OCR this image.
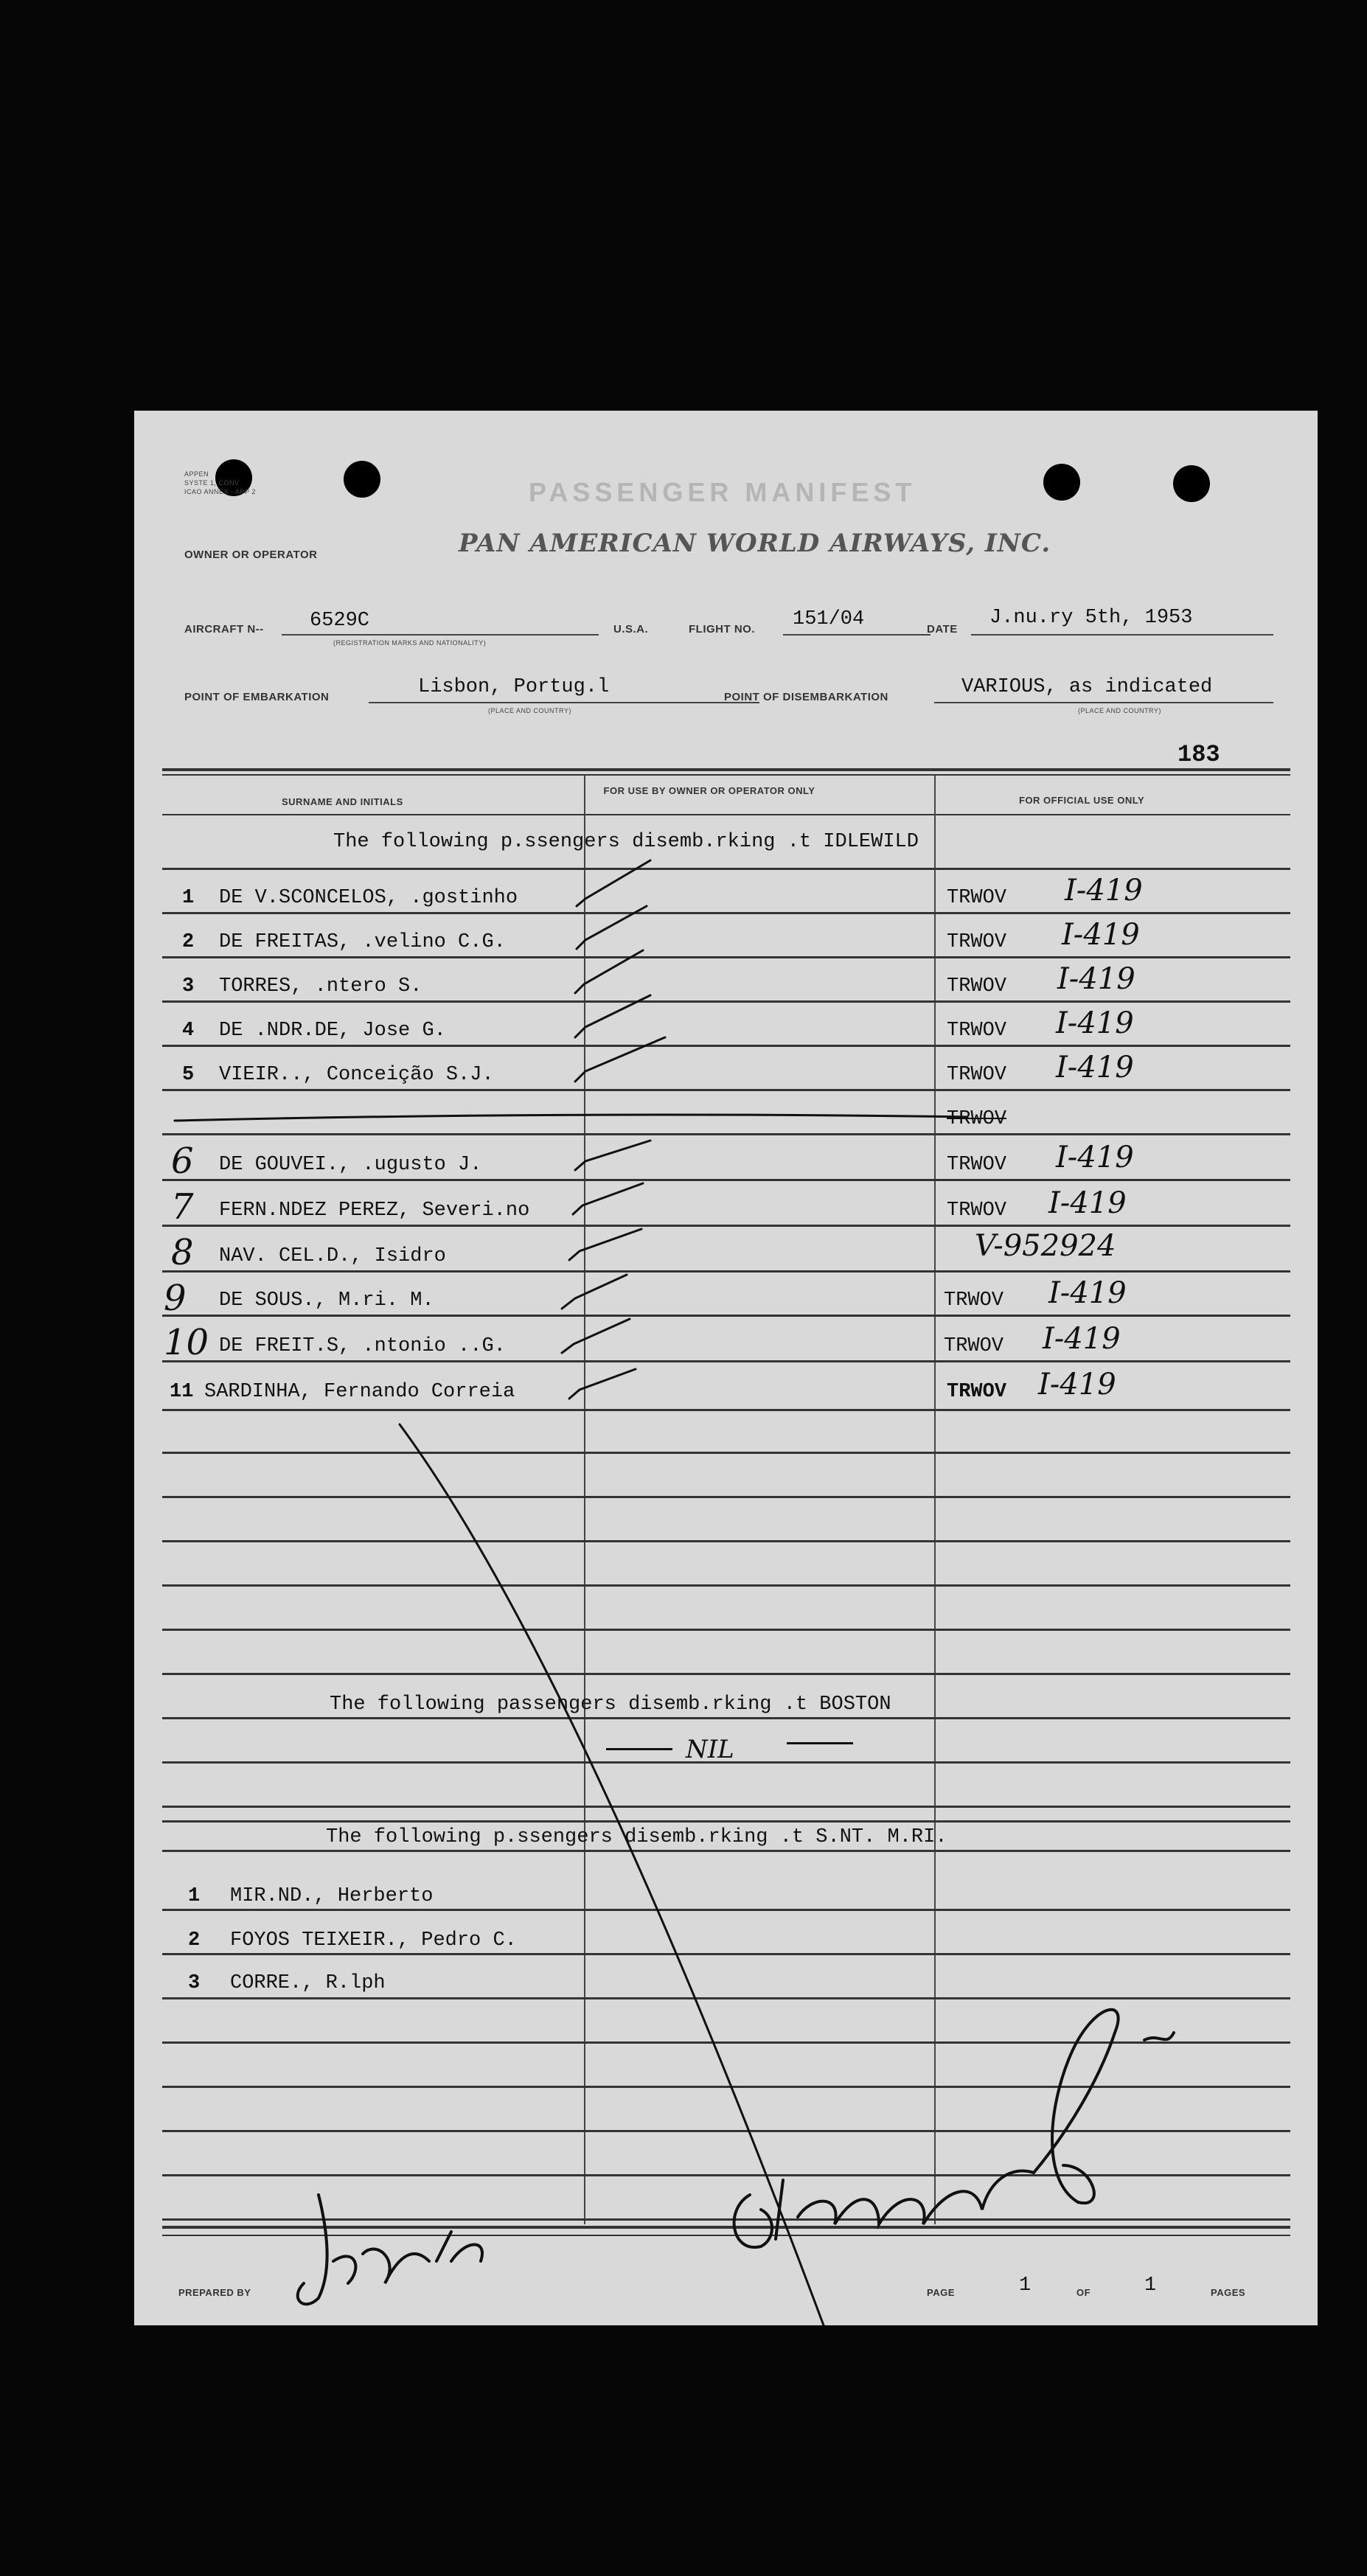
APPEN
SYSTE 1, CONV
ICAO ANNEX - APP 2
OWNER OR OPERATOR
PASSENGER MANIFEST
PAN AMERICAN WORLD AIRWAYS, INC.
AIRCRAFT N-- 6529C
(REGISTRATION MARKS AND NATIONALITY)
U.S.A.	FLIGHT NO. 151/04	DATE
J.nu.ry 5th, 1953
POINT OF EMBARKATION	Lisbon, Portug.l
(PLACE AND COUNTRY)
POINT OF DISEMBARKATION	VARIOUS, as indicated
(PLACE AND COUNTRY)
183
SURNAME AND INITIALS
FOR USE BY OWNER OR OPERATOR ONLY
FOR OFFICIAL USE ONLY
The following p.ssengers disemb.rking .t IDLEWILD
1 DE V.SCONCELOS, .gostinho	TRWOV I-419
2 DE FREITAS, .velino C.G.	TRWOV I-419
3 TORRES, .ntero S.	TRWOV I-419
4 DE .NDR.DE, Jose G.	TRWOV I-419
5 VIEIR.., Conceição S.J.	TRWOV I-419
TRWOV
6 DE GOUVEI., .ugusto J.	TRWOV I-419
7 FERN.NDEZ PEREZ, Severi.no	TRWOV I-419
8 NAV. CEL.D., Isidro	V-952924
9 DE SOUS., M.ri. M.	TRWOV I-419
10 DE FREIT.S, .ntonio ..G.	TRWOV I-419
11 SARDINHA, Fernando Correia	TRWOV I-419
The following passengers disemb.rking .t BOSTON
NIL
The following p.ssengers disemb.rking .t S.NT. M.RI.
1 MIR.ND., Herberto
2 FOYOS TEIXEIR., Pedro C.
3 CORRE., R.lph
PREPARED BY	PAGE	1	OF	1	PAGES
